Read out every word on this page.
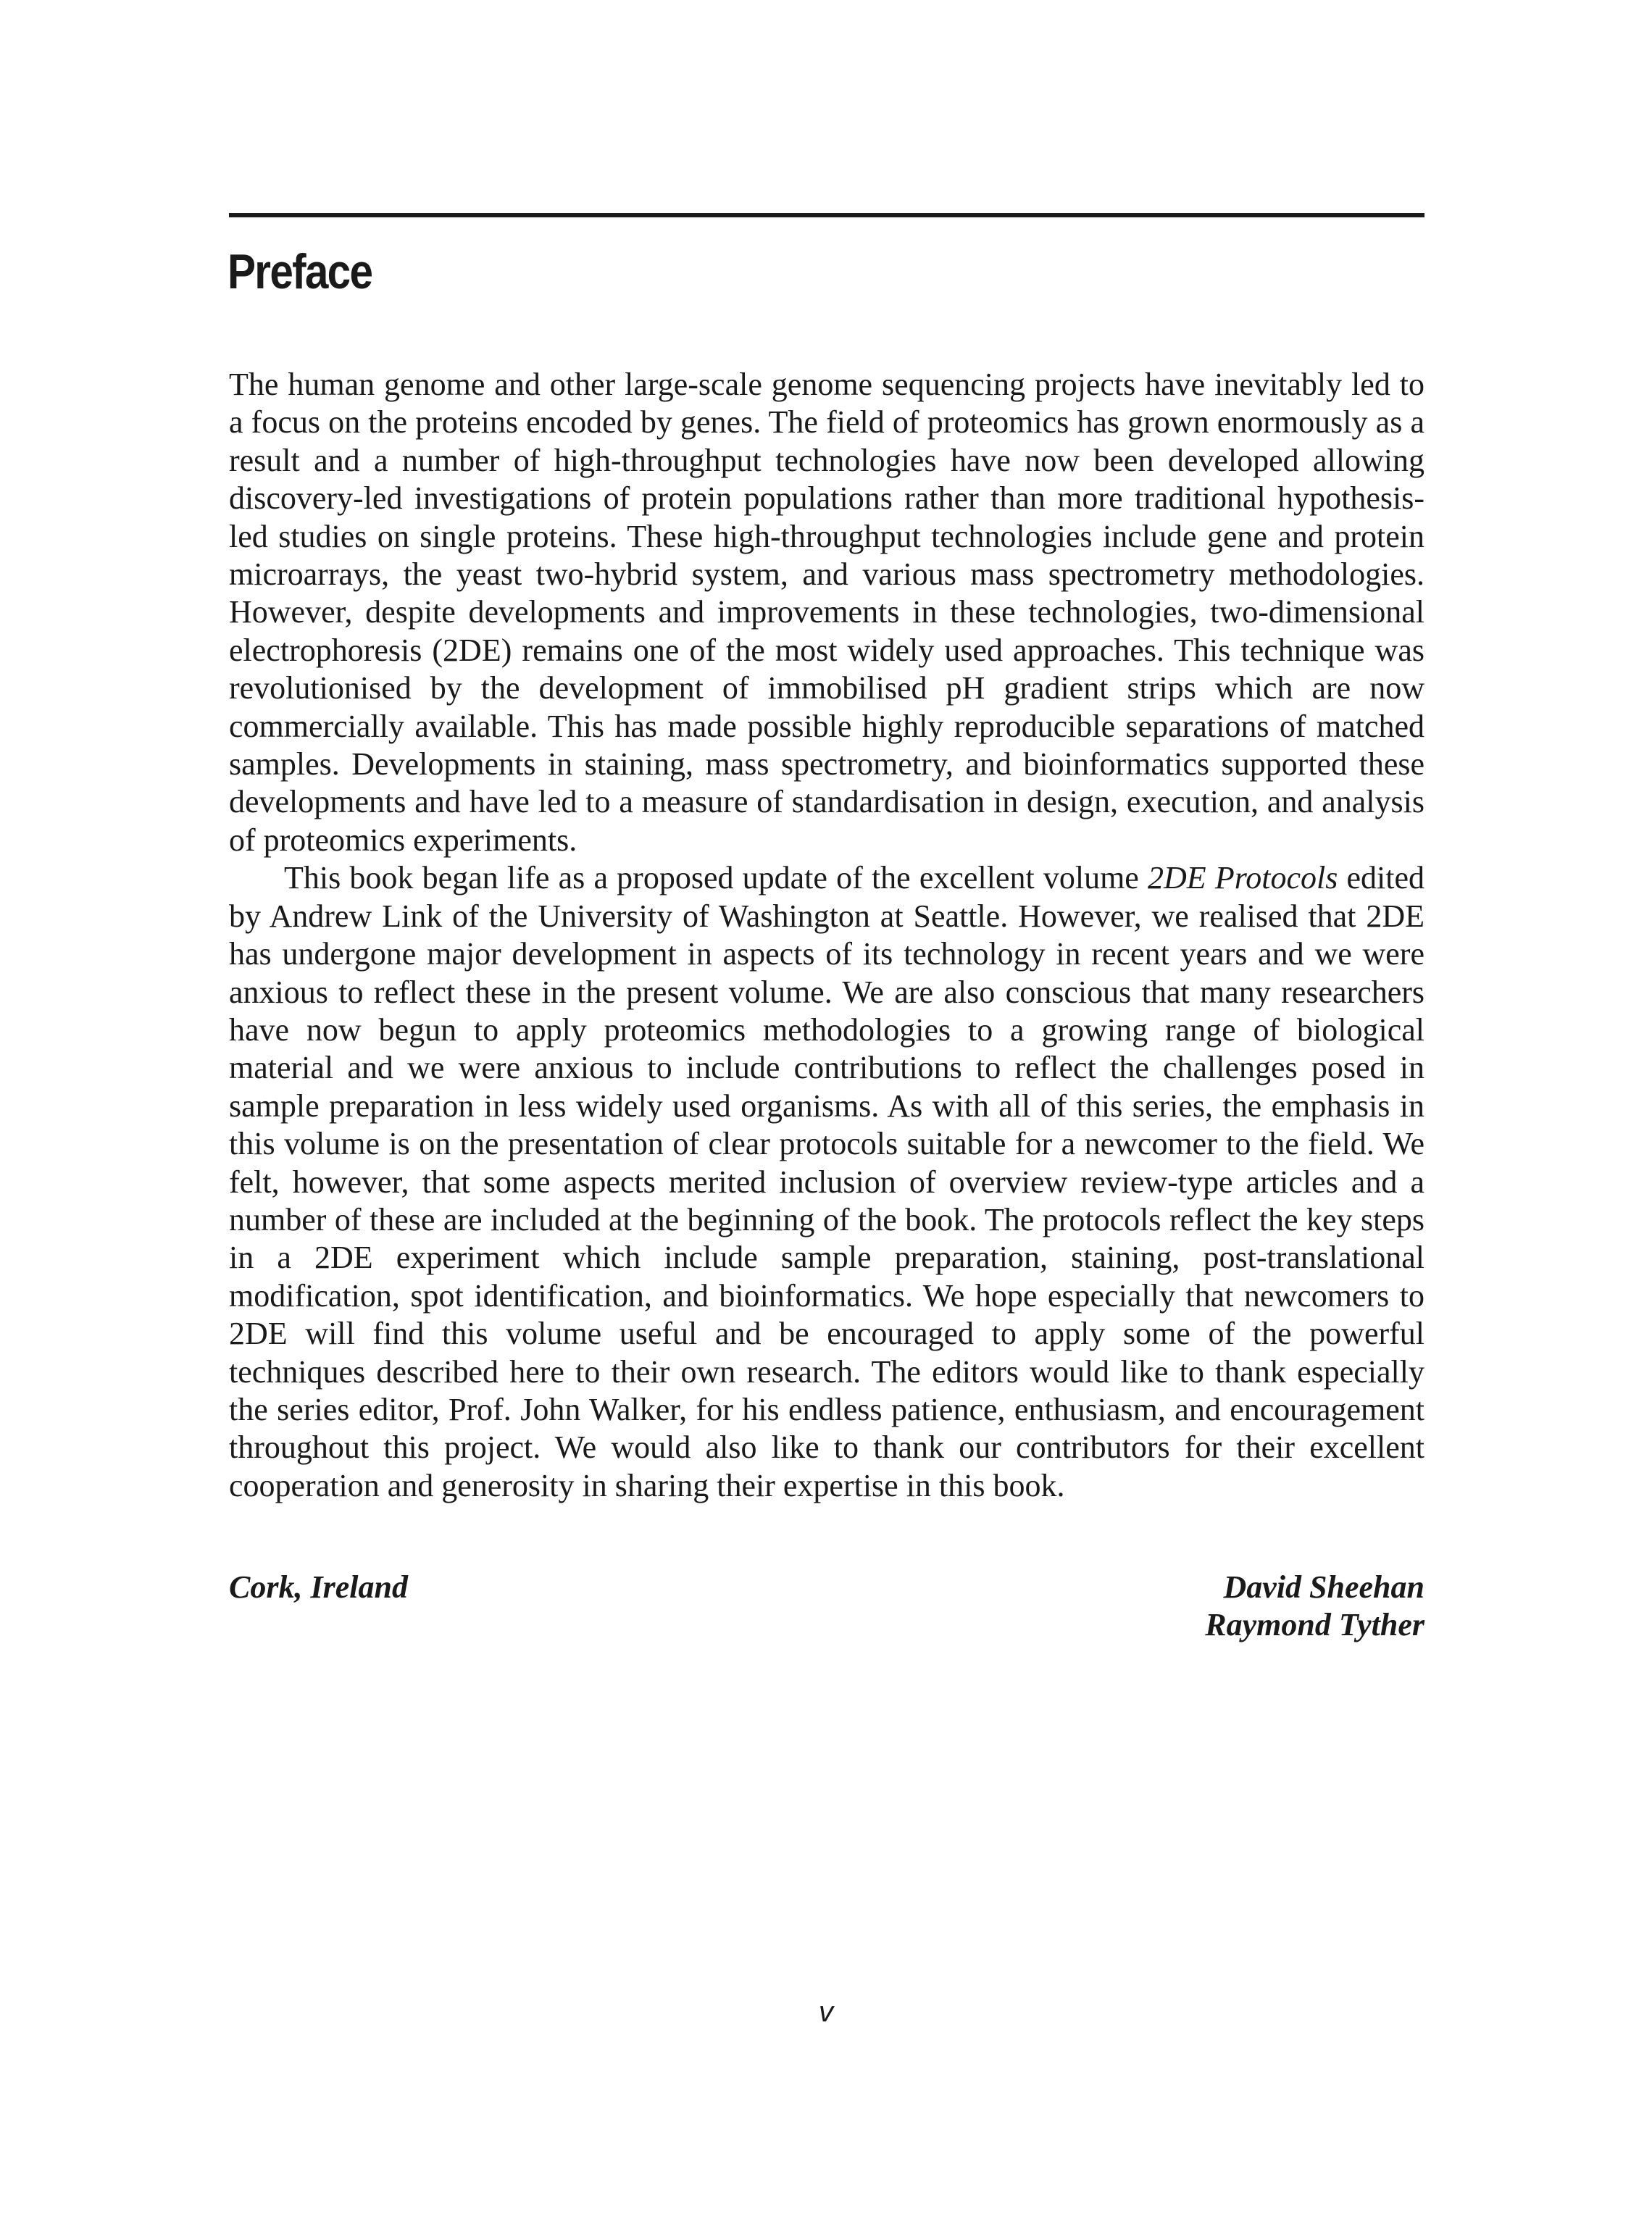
Preface

The human genome and other large-scale genome sequencing projects have inevitably led to a focus on the proteins encoded by genes. The field of proteomics has grown enormously as a result and a number of high-throughput technologies have now been developed allowing discovery-led investigations of protein populations rather than more traditional hypothesis-led studies on single proteins. These high-throughput technologies include gene and protein microarrays, the yeast two-hybrid system, and various mass spectrometry methodologies. However, despite developments and improvements in these technologies, two-dimensional electrophoresis (2DE) remains one of the most widely used approaches. This technique was revolutionised by the development of immobilised pH gradient strips which are now commercially available. This has made possible highly reproducible separations of matched samples. Developments in staining, mass spectrometry, and bioinformatics supported these developments and have led to a measure of standardisation in design, execution, and analysis of proteomics experiments.

This book began life as a proposed update of the excellent volume 2DE Protocols edited by Andrew Link of the University of Washington at Seattle. However, we realised that 2DE has undergone major development in aspects of its technology in recent years and we were anxious to reflect these in the present volume. We are also conscious that many researchers have now begun to apply proteomics methodologies to a growing range of biological material and we were anxious to include contributions to reflect the challenges posed in sample preparation in less widely used organisms. As with all of this series, the emphasis in this volume is on the presentation of clear protocols suitable for a newcomer to the field. We felt, however, that some aspects merited inclusion of overview review-type articles and a number of these are included at the beginning of the book. The protocols reflect the key steps in a 2DE experiment which include sample preparation, staining, post-translational modification, spot identification, and bioinformatics. We hope especially that newcomers to 2DE will find this volume useful and be encouraged to apply some of the powerful techniques described here to their own research. The editors would like to thank especially the series editor, Prof. John Walker, for his endless patience, enthusiasm, and encouragement throughout this project. We would also like to thank our contributors for their excellent cooperation and generosity in sharing their expertise in this book.

Cork, Ireland	David Sheehan
Raymond Tyther
v
